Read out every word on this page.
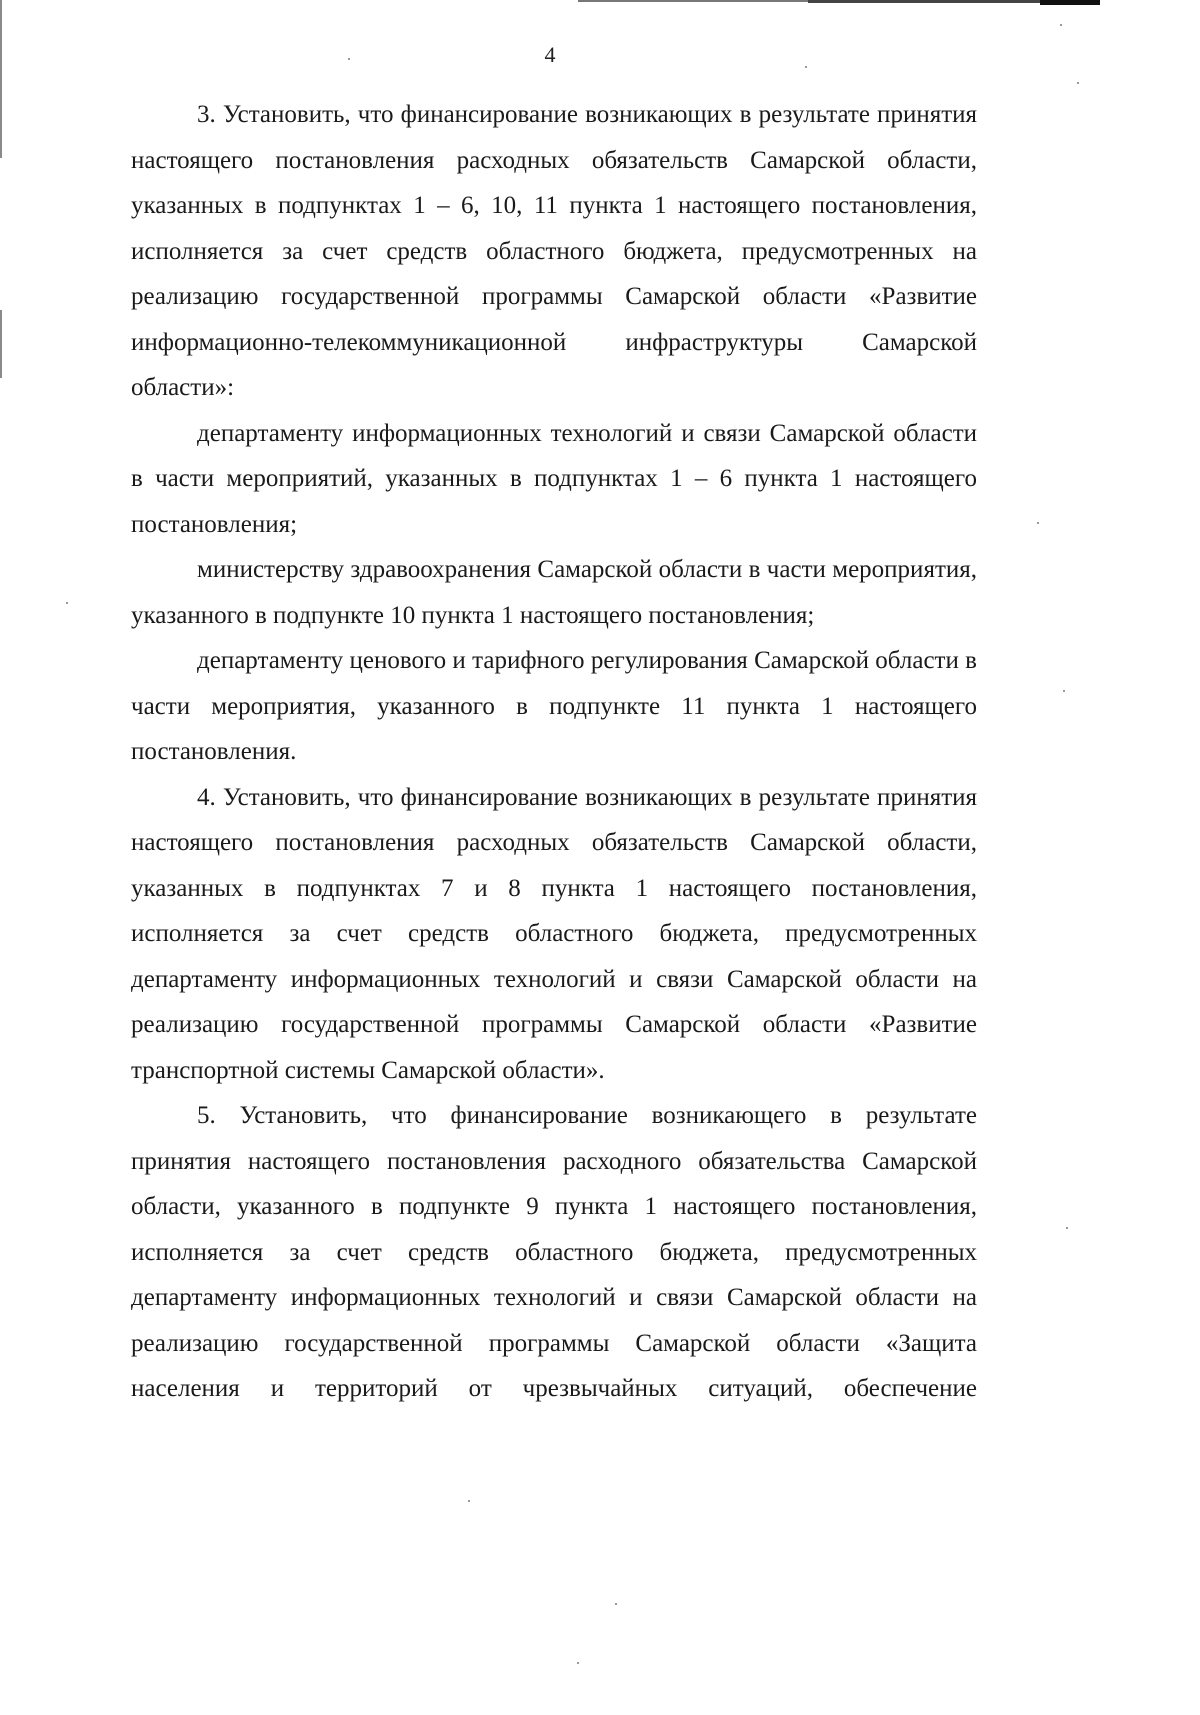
4

3. Установить, что финансирование возникающих в результате принятия настоящего постановления расходных обязательств Самарской области, указанных в подпунктах 1 – 6, 10, 11 пункта 1 настоящего постановления, исполняется за счет средств областного бюджета, предусмотренных на реализацию государственной программы Самарской области «Развитие информационно-телекоммуникационной инфраструктуры Самарской области»:

департаменту информационных технологий и связи Самарской области в части мероприятий, указанных в подпунктах 1 – 6 пункта 1 настоящего постановления;

министерству здравоохранения Самарской области в части мероприятия, указанного в подпункте 10 пункта 1 настоящего постановления;

департаменту ценового и тарифного регулирования Самарской области в части мероприятия, указанного в подпункте 11 пункта 1 настоящего постановления.

4. Установить, что финансирование возникающих в результате принятия настоящего постановления расходных обязательств Самарской области, указанных в подпунктах 7 и 8 пункта 1 настоящего постановления, исполняется за счет средств областного бюджета, предусмотренных департаменту информационных технологий и связи Самарской области на реализацию государственной программы Самарской области «Развитие транспортной системы Самарской области».

5. Установить, что финансирование возникающего в результате принятия настоящего постановления расходного обязательства Самарской области, указанного в подпункте 9 пункта 1 настоящего постановления, исполняется за счет средств областного бюджета, предусмотренных департаменту информационных технологий и связи Самарской области на реализацию государственной программы Самарской области «Защита населения и территорий от чрезвычайных ситуаций, обеспечение
